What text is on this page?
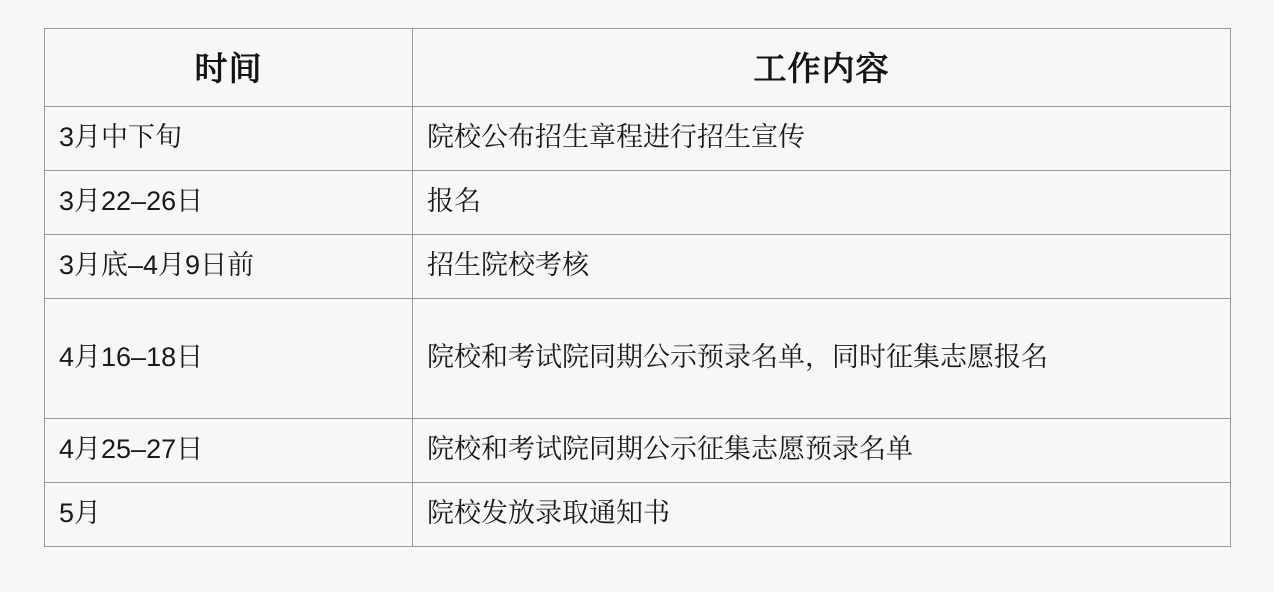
时间	工作内容
3月中下旬	院校公布招生章程进行招生宣传
3月22–26日	报名
3月底–4月9日前	招生院校考核
4月16–18日	院校和考试院同期公示预录名单，同时征集志愿报名
4月25–27日	院校和考试院同期公示征集志愿预录名单
5月	院校发放录取通知书
